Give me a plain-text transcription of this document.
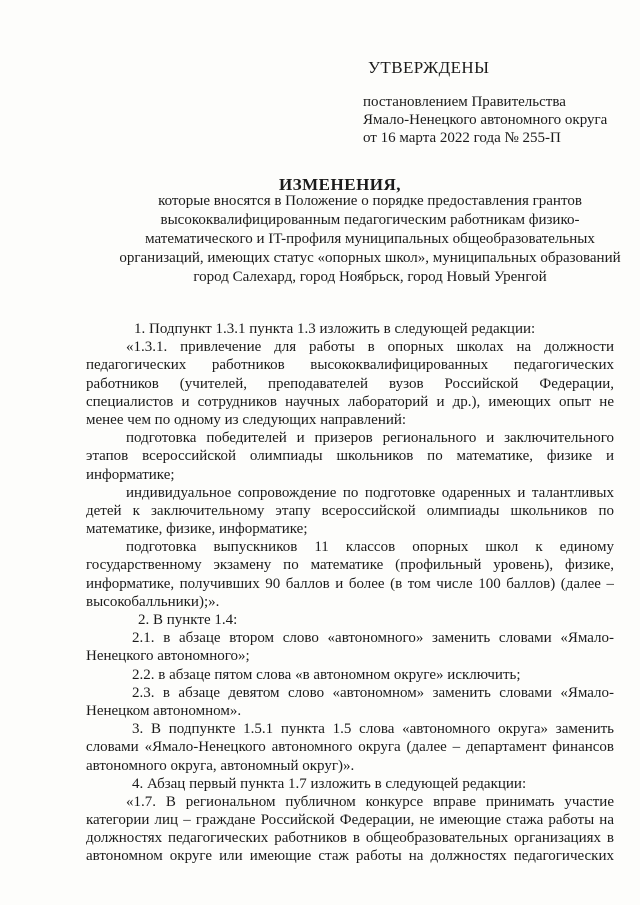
УТВЕРЖДЕНЫ
постановлением Правительства
Ямало-Ненецкого автономного округа
от 16 марта 2022 года № 255-П
ИЗМЕНЕНИЯ,
которые вносятся в Положение о порядке предоставления грантов
высококвалифицированным педагогическим работникам физико-
математического и IT-профиля муниципальных общеобразовательных
организаций, имеющих статус «опорных школ», муниципальных образований
город Салехард, город Ноябрьск, город Новый Уренгой
1. Подпункт 1.3.1 пункта 1.3 изложить в следующей редакции:
«1.3.1. привлечение для работы в опорных школах на должности
педагогических работников высококвалифицированных педагогических
работников (учителей, преподавателей вузов Российской Федерации,
специалистов и сотрудников научных лабораторий и др.), имеющих опыт не
менее чем по одному из следующих направлений:
подготовка победителей и призеров регионального и заключительного
этапов всероссийской олимпиады школьников по математике, физике и
информатике;
индивидуальное сопровождение по подготовке одаренных и талантливых
детей к заключительному этапу всероссийской олимпиады школьников по
математике, физике, информатике;
подготовка выпускников 11 классов опорных школ к единому
государственному экзамену по математике (профильный уровень), физике,
информатике, получивших 90 баллов и более (в том числе 100 баллов) (далее –
высокобалльники);».
2. В пункте 1.4:
2.1. в абзаце втором слово «автономного» заменить словами «Ямало-
Ненецкого автономного»;
2.2. в абзаце пятом слова «в автономном округе» исключить;
2.3. в абзаце девятом слово «автономном» заменить словами «Ямало-
Ненецком автономном».
3. В подпункте 1.5.1 пункта 1.5 слова «автономного округа» заменить
словами «Ямало-Ненецкого автономного округа (далее – департамент финансов
автономного округа, автономный округ)».
4. Абзац первый пункта 1.7 изложить в следующей редакции:
«1.7. В региональном публичном конкурсе вправе принимать участие
категории лиц – граждане Российской Федерации, не имеющие стажа работы на
должностях педагогических работников в общеобразовательных организациях в
автономном округе или имеющие стаж работы на должностях педагогических
